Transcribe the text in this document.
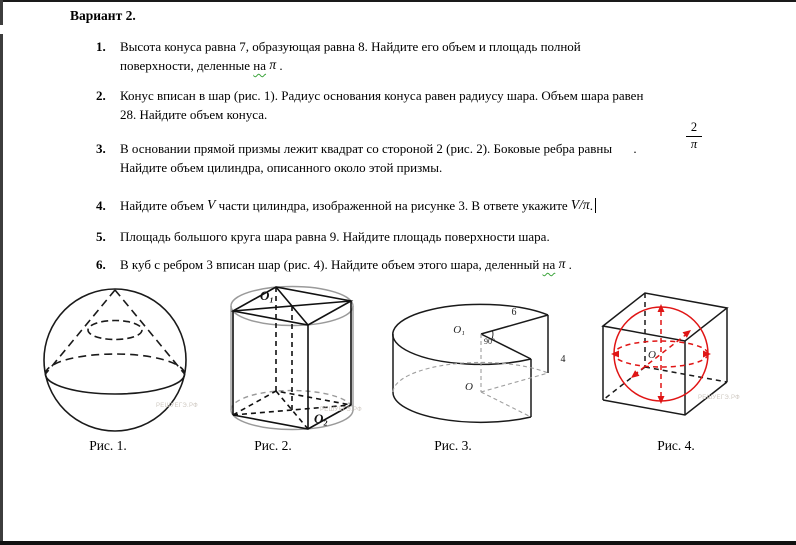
Вариант 2.
1.	Высота конуса равна 7, образующая равна 8. Найдите его объем и площадь полной
поверхности, деленные на π .
2.	Конус вписан в шар (рис. 1). Радиус основания конуса равен радиусу шара. Объем шара равен
28. Найдите объем конуса.
3.	В основании прямой призмы лежит квадрат со стороной 2 (рис. 2). Боковые ребра равны	$\frac{2}{\pi}$
.
Найдите объем цилиндра, описанного около этой призмы.
4.	Найдите объем V части цилиндра, изображенной на рисунке 3. В ответе укажите V/π.
5.	Площадь большого круга шара равна 9. Найдите площадь поверхности шара.
6.	В куб с ребром 3 вписан шар (рис. 4). Найдите объем этого шара, деленный на π .
РЕШУЕГЭ.РФ
Рис. 1.
O₁
O₂
РЕШУЕГЭ.РФ
Рис. 2.
O₁
90°
6
4
O
Рис. 3.
O
РЕШУЕГЭ.РФ
Рис. 4.
